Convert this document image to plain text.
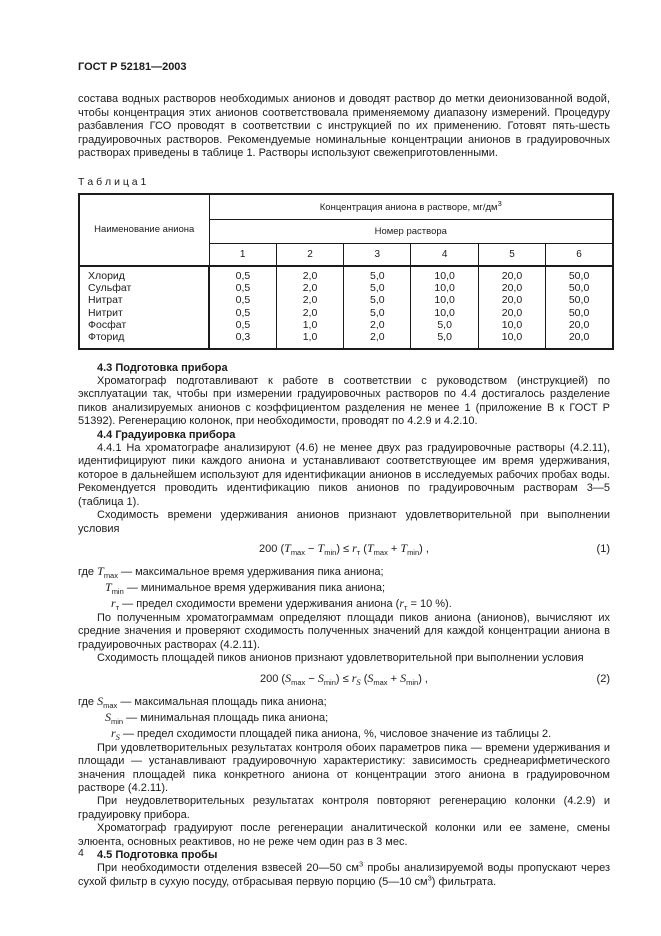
ГОСТ Р 52181—2003

состава водных растворов необходимых анионов и доводят раствор до метки деионизованной водой, чтобы концентрация этих анионов соответствовала применяемому диапазону измерений. Процедуру разбавления ГСО проводят в соответствии с инструкцией по их применению. Готовят пять-шесть градуировочных растворов. Рекомендуемые номинальные концентрации анионов в градуировочных растворах приведены в таблице 1. Растворы используют свежеприготовленными.

Т а б л и ц а 1
Наименование аниона	Концентрация аниона в растворе, $мг/дм^3$
	Номер раствора					
	1	2	3	4	5	6
Хлорид	0,5	2,0	5,0	10,0	20,0	50,0
Сульфат	0,5	2,0	5,0	10,0	20,0	50,0
Нитрат	0,5	2,0	5,0	10,0	20,0	50,0
Нитрит	0,5	2,0	5,0	10,0	20,0	50,0
Фосфат	0,5	1,0	2,0	5,0	10,0	20,0
Фторид	0,3	1,0	2,0	5,0	10,0	20,0

4.3 Подготовка прибора

Хроматограф подготавливают к работе в соответствии с руководством (инструкцией) по эксплуатации так, чтобы при измерении градуировочных растворов по 4.4 достигалось разделение пиков анализируемых анионов с коэффициентом разделения не менее 1 (приложение В к ГОСТ Р 51392). Регенерацию колонок, при необходимости, проводят по 4.2.9 и 4.2.10.

4.4 Градуировка прибора

4.4.1 На хроматографе анализируют (4.6) не менее двух раз градуировочные растворы (4.2.11), идентифицируют пики каждого аниона и устанавливают соответствующее им время удерживания, которое в дальнейшем используют для идентификации анионов в исследуемых рабочих пробах воды. Рекомендуется проводить идентификацию пиков анионов по градуировочным растворам 3—5 (таблица 1).

Сходимость времени удерживания анионов признают удовлетворительной при выполнении условия

200 $(T_{max} - T_{min}) \le r_т$ $(T_{max} + T_{min})$ ,	(1)

где $T_{max}$ — максимальное время удерживания пика аниона;

$T_{min}$ — минимальное время удерживания пика аниона;

$r_т$ — предел сходимости времени удерживания аниона ($r_т = 10$ %).

По полученным хроматограммам определяют площади пиков аниона (анионов), вычисляют их средние значения и проверяют сходимость полученных значений для каждой концентрации аниона в градуировочных растворах (4.2.11).

Сходимость площадей пиков анионов признают удовлетворительной при выполнении условия

200 $(S_{max} - S_{min}) \le r_S$ $(S_{max} + S_{min})$ ,	(2)

где $S_{max}$ — максимальная площадь пика аниона;

$S_{min}$ — минимальная площадь пика аниона;

$r_S$ — предел сходимости площадей пика аниона, %, числовое значение из таблицы 2.

При удовлетворительных результатах контроля обоих параметров пика — времени удерживания и площади — устанавливают градуировочную характеристику: зависимость среднеарифметического значения площадей пика конкретного аниона от концентрации этого аниона в градуировочном растворе (4.2.11).

При неудовлетворительных результатах контроля повторяют регенерацию колонки (4.2.9) и градуировку прибора.

Хроматограф градуируют после регенерации аналитической колонки или ее замене, смены элюента, основных реактивов, но не реже чем один раз в 3 мес.

4.5 Подготовка пробы

При необходимости отделения взвесей 20—50 $см^3$ пробы анализируемой воды пропускают через сухой фильтр в сухую посуду, отбрасывая первую порцию (5—10 $см^3$) фильтрата.

4
